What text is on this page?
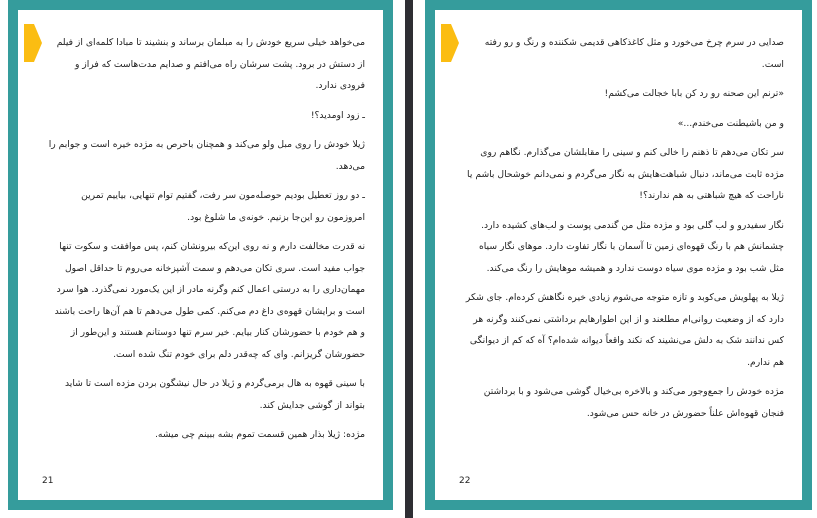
می‌خواهد خیلی سریع خودش را به مبلمان برساند و بنشیند تا مبادا کلمه‌ای از فیلم از دستش در برود. پشت سرشان راه می‌افتم و صدایم مدت‌هاست که فراز و فرودی ندارد.

ـ زود اومدید؟!

ژیلا خودش را روی مبل ولو می‌کند و همچنان باحرص به مژده خیره است و جوابم را می‌دهد.

ـ دو روز تعطیل بودیم حوصله‌مون سر رفت، گفتیم توام تنهایی، بیاییم تمرین امروزمون رو این‌جا بزنیم. خونه‌ی ما شلوغ بود.

نه قدرت مخالفت دارم و نه روی این‌که بیرونشان کنم، پس موافقت و سکوت تنها جواب مفید است. سری تکان می‌دهم و سمت آشپزخانه می‌روم تا حداقل اصول مهمان‌داری را به درستی اعمال کنم وگرنه مادر از این یک‌مورد نمی‌گذرد. هوا سرد است و برایشان قهوه‌ی داغ دم می‌کنم. کمی طول می‌دهم تا هم آن‌ها راحت باشند و هم خودم با حضورشان کنار بیایم. خیر سرم تنها دوستانم هستند و این‌طور از حضورشان گریزانم. وای که چه‌قدر دلم برای خودم تنگ شده است.

با سینی قهوه به هال برمی‌گردم و ژیلا در حال نیشگون بردن مژده است تا شاید بتواند از گوشی جدایش کند.

مژده: ژیلا بذار همین قسمت تموم بشه ببینم چی میشه.

21

صدایی در سرم چرخ می‌خورد و مثل کاغذکاهی قدیمی شکننده و رنگ و رو رفته است.

«ترنم این صحنه رو رد کن بابا خجالت می‌کشم!

و من باشیطنت می‌خندم...»

سر تکان می‌دهم تا ذهنم را خالی کنم و سینی را مقابلشان می‌گذارم. نگاهم روی مژده ثابت می‌ماند، دنبال شباهت‌هایش به نگار می‌گردم و نمی‌دانم خوشحال باشم یا ناراحت که هیچ شباهتی به هم ندارند؟!

نگار سفیدرو و لب گلی بود و مژده مثل من گندمی پوست و لب‌های کشیده دارد. چشمانش هم با رنگ قهوه‌ای زمین تا آسمان با نگار تفاوت دارد. موهای نگار سیاه مثل شب بود و مژده موی سیاه دوست ندارد و همیشه موهایش را رنگ می‌کند.

ژیلا به پهلویش می‌کوبد و تازه متوجه می‌شوم زیادی خیره نگاهش کرده‌ام. جای شکر دارد که از وضعیت روانی‌ام مطلعند و از این اطوارهایم برداشتی نمی‌کنند وگرنه هر کس ندانند شک به دلش می‌نشیند که نکند واقعاً دیوانه شده‌ام؟ آه که کم از دیوانگی هم ندارم.

مژده خودش را جمع‌وجور می‌کند و بالاخره بی‌خیال گوشی می‌شود و با برداشتن فنجان قهوه‌اش علناً حضورش در خانه حس می‌شود.

22
